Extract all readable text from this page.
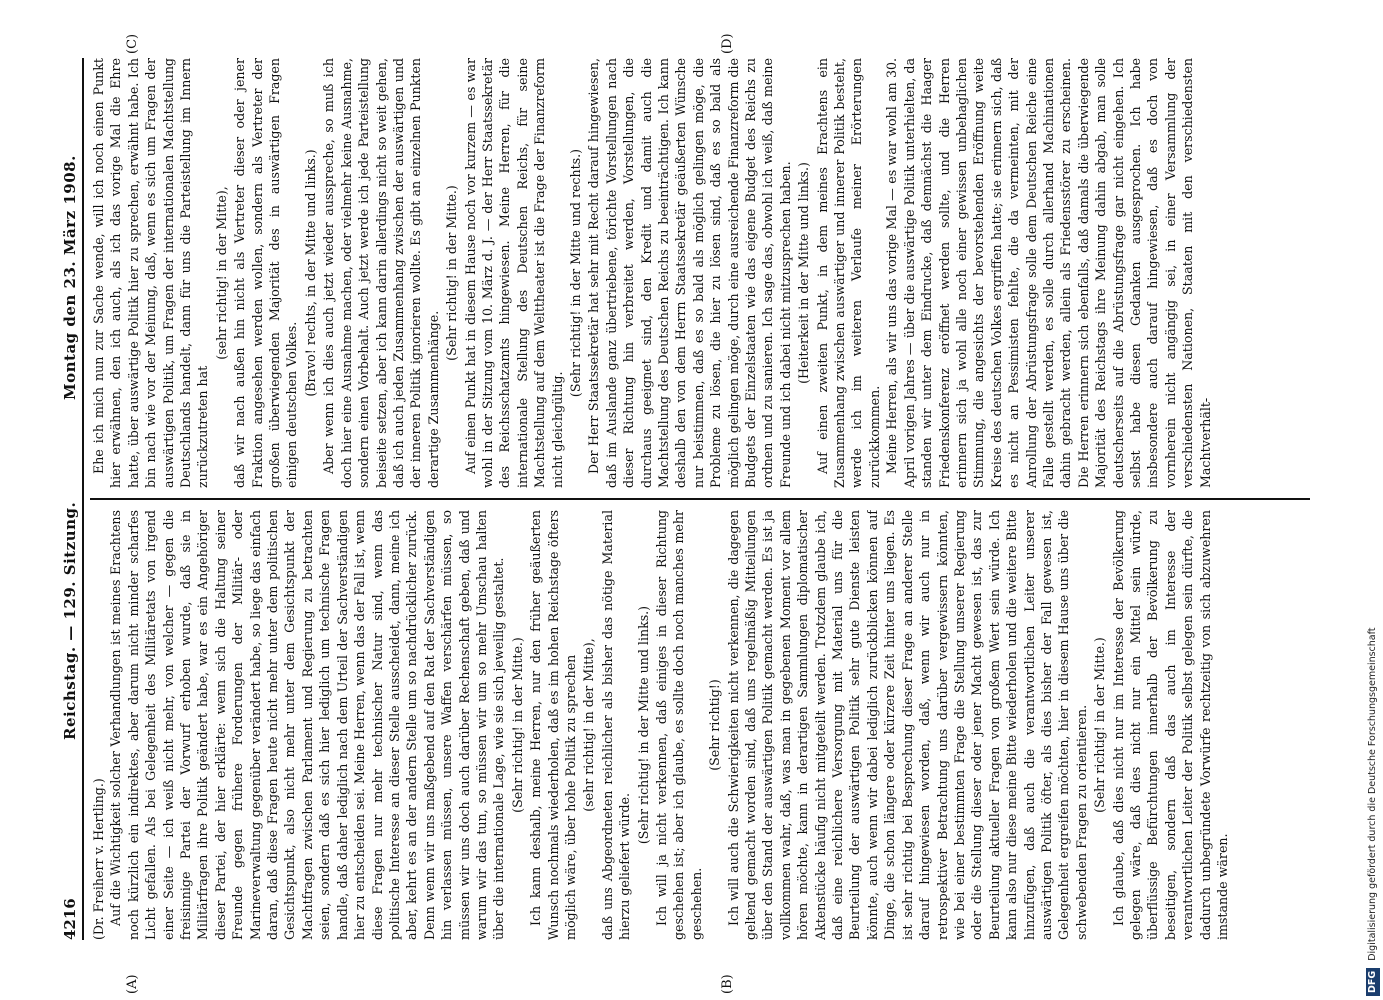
4216
Reichstag. — 129. Sitzung.
Montag den 23. März 1908.

(Dr. Freiherr v. Hertling.) Auf die Wichtigkeit solcher Verhandlungen ist meines Erachtens noch kürzlich ein indirektes, aber darum nicht minder scharfes Licht gefallen. Als bei Gelegenheit des Militäretats von irgend einer Seite — ich weiß nicht mehr, von welcher — gegen die freisinnige Partei der Vorwurf erhoben wurde, daß sie in Militärfragen ihre Politik geändert habe, war es ein Angehöriger dieser Partei, der hier erklärte: wenn sich die Haltung seiner Freunde gegen frühere Forderungen der Militär- oder Marineverwaltung gegenüber verändert habe, so liege das einfach daran, daß diese Fragen heute nicht mehr unter dem politischen Gesichtspunkt, also nicht mehr unter dem Gesichtspunkt der Machtfragen zwischen Parlament und Regierung zu betrachten seien, sondern daß es sich hier lediglich um technische Fragen handle, daß daher lediglich nach dem Urteil der Sachverständigen hier zu entscheiden sei. Meine Herren, wenn das der Fall ist, wenn diese Fragen nur mehr technischer Natur sind, wenn das politische Interesse an dieser Stelle ausscheidet, dann, meine ich aber, kehrt es an der andern Stelle um so nachdrücklicher zurück. Denn wenn wir uns maßgebend auf den Rat der Sachverständigen hin verlassen müssen, unsere Waffen verschärfen müssen, so müssen wir uns doch auch darüber Rechenschaft geben, daß und warum wir das tun, so müssen wir um so mehr Umschau halten über die internationale Lage, wie sie sich jeweilig gestaltet. (Sehr richtig! in der Mitte.) Ich kann deshalb, meine Herren, nur den früher geäußerten Wunsch nochmals wiederholen, daß es im hohen Reichstage öfters möglich wäre, über hohe Politik zu sprechen (sehr richtig! in der Mitte), daß uns Abgeordneten reichlicher als bisher das nötige Material hierzu geliefert würde.

(Sehr richtig! in der Mitte und links.) Ich will ja nicht verkennen, daß einiges in dieser Richtung geschehen ist; aber ich glaube, es sollte doch noch manches mehr geschehen.

(Sehr richtig!) Ich will auch die Schwierigkeiten nicht verkennen, die dagegen geltend gemacht worden sind, daß uns regelmäßig Mitteilungen über den Stand der auswärtigen Politik gemacht werden. Es ist ja vollkommen wahr, daß, was man in gegebenen Moment vor allem hören möchte, kann in derartigen Sammlungen diplomatischer Aktenstücke häufig nicht mitgeteilt werden. Trotzdem glaube ich, daß eine reichlichere Versorgung mit Material uns für die Beurteilung der auswärtigen Politik sehr gute Dienste leisten könnte, auch wenn wir dabei lediglich zurückblicken können auf Dinge, die schon längere oder kürzere Zeit hinter uns liegen. Es ist sehr richtig bei Besprechung dieser Frage an anderer Stelle darauf hingewiesen worden, daß, wenn wir auch nur in retrospektiver Betrachtung uns darüber vergewissern könnten, wie bei einer bestimmten Frage die Stellung unserer Regierung oder die Stellung dieser oder jener Macht gewesen ist, das zur Beurteilung aktueller Fragen von großem Wert sein würde. Ich kann also nur diese meine Bitte wiederholen und die weitere Bitte hinzufügen, daß auch die verantwortlichen Leiter unserer auswärtigen Politik öfter, als dies bisher der Fall gewesen ist, Gelegenheit ergreifen möchten, hier in diesem Hause uns über die schwebenden Fragen zu orientieren. (Sehr richtig! in der Mitte.) Ich glaube, daß dies nicht nur im Interesse der Bevölkerung gelegen wäre, daß dies nicht nur ein Mittel sein würde, überflüssige Befürchtungen innerhalb der Bevölkerung zu beseitigen, sondern daß das auch im Interesse der verantwortlichen Leiter der Politik selbst gelegen sein dürfte, die dadurch unbegründete Vorwürfe rechtzeitig von sich abzuwehren imstande wären.

Ehe ich mich nun zur Sache wende, will ich noch einen Punkt hier erwähnen, den ich auch, als ich das vorige Mal die Ehre hatte, über auswärtige Politik hier zu sprechen, erwähnt habe. Ich bin nach wie vor der Meinung, daß, wenn es sich um Fragen der auswärtigen Politik, um Fragen der internationalen Machtstellung Deutschlands handelt, dann für uns die Parteistellung im Innern zurückzutreten hat

(sehr richtig! in der Mitte), daß wir nach außen hin nicht als Vertreter dieser oder jener Fraktion angesehen werden wollen, sondern als Vertreter der großen überwiegenden Majorität des in auswärtigen Fragen einigen deutschen Volkes.

(Bravo! rechts, in der Mitte und links.) Aber wenn ich dies auch jetzt wieder ausspreche, so muß ich doch hier eine Ausnahme machen, oder vielmehr keine Ausnahme, sondern einen Vorbehalt. Auch jetzt werde ich jede Parteistellung beiseite setzen, aber ich kann darin allerdings nicht so weit gehen, daß ich auch jeden Zusammenhang zwischen der auswärtigen und der inneren Politik ignorieren wollte. Es gibt an einzelnen Punkten derartige Zusammenhänge.

(Sehr richtig! in der Mitte.) Auf einen Punkt hat in diesem Hause noch vor kurzem — es war wohl in der Sitzung vom 10. März d. J. — der Herr Staatssekretär des Reichsschatzamts hingewiesen. Meine Herren, für die internationale Stellung des Deutschen Reichs, für seine Machtstellung auf dem Welttheater ist die Frage der Finanzreform nicht gleichgültig.

(Sehr richtig! in der Mitte und rechts.) Der Herr Staatssekretär hat sehr mit Recht darauf hingewiesen, daß im Auslande ganz übertriebene, törichte Vorstellungen nach dieser Richtung hin verbreitet werden, Vorstellungen, die durchaus geeignet sind, den Kredit und damit auch die Machtstellung des Deutschen Reichs zu beeinträchtigen. Ich kann deshalb den von dem Herrn Staatssekretär geäußerten Wünsche nur beistimmen, daß es so bald als möglich gelingen möge, die Probleme zu lösen, die hier zu lösen sind, daß es so bald als möglich gelingen möge, durch eine ausreichende Finanzreform die Budgets der Einzelstaaten wie das eigene Budget des Reichs zu ordnen und zu sanieren. Ich sage das, obwohl ich weiß, daß meine Freunde und ich dabei nicht mitzusprechen haben. (Heiterkeit in der Mitte und links.) Auf einen zweiten Punkt, in dem meines Erachtens ein Zusammenhang zwischen auswärtiger und innerer Politik besteht, werde ich im weiteren Verlaufe meiner Erörterungen zurückkommen. Meine Herren, als wir uns das vorige Mal — es war wohl am 30. April vorigen Jahres — über die auswärtige Politik unterhielten, da standen wir unter dem Eindrucke, daß demnächst die Haager Friedenskonferenz eröffnet werden sollte, und die Herren erinnern sich ja wohl alle noch einer gewissen unbehaglichen Stimmung, die angesichts der bevorstehenden Eröffnung weite Kreise des deutschen Volkes ergriffen hatte; sie erinnern sich, daß es nicht an Pessimisten fehlte, die da vermeinten, mit der Anrollung der Abrüstungsfrage solle dem Deutschen Reiche eine Falle gestellt werden, es solle durch allerhand Machinationen dahin gebracht werden, allein als Friedensstörer zu erscheinen. Die Herren erinnern sich ebenfalls, daß damals die überwiegende Majorität des Reichstags ihre Meinung dahin abgab, man solle deutscherseits auf die Abrüstungsfrage gar nicht eingehen. Ich selbst habe diesen Gedanken ausgesprochen. Ich habe insbesondere auch darauf hingewiesen, daß es doch von vornherein nicht angängig sei, in einer Versammlung der verschiedensten Nationen, Staaten mit den verschiedensten Machtverhält-

(A)	(B)
(C)	(D)
DFG Digitalisierung gefördert durch die Deutsche Forschungsgemeinschaft
